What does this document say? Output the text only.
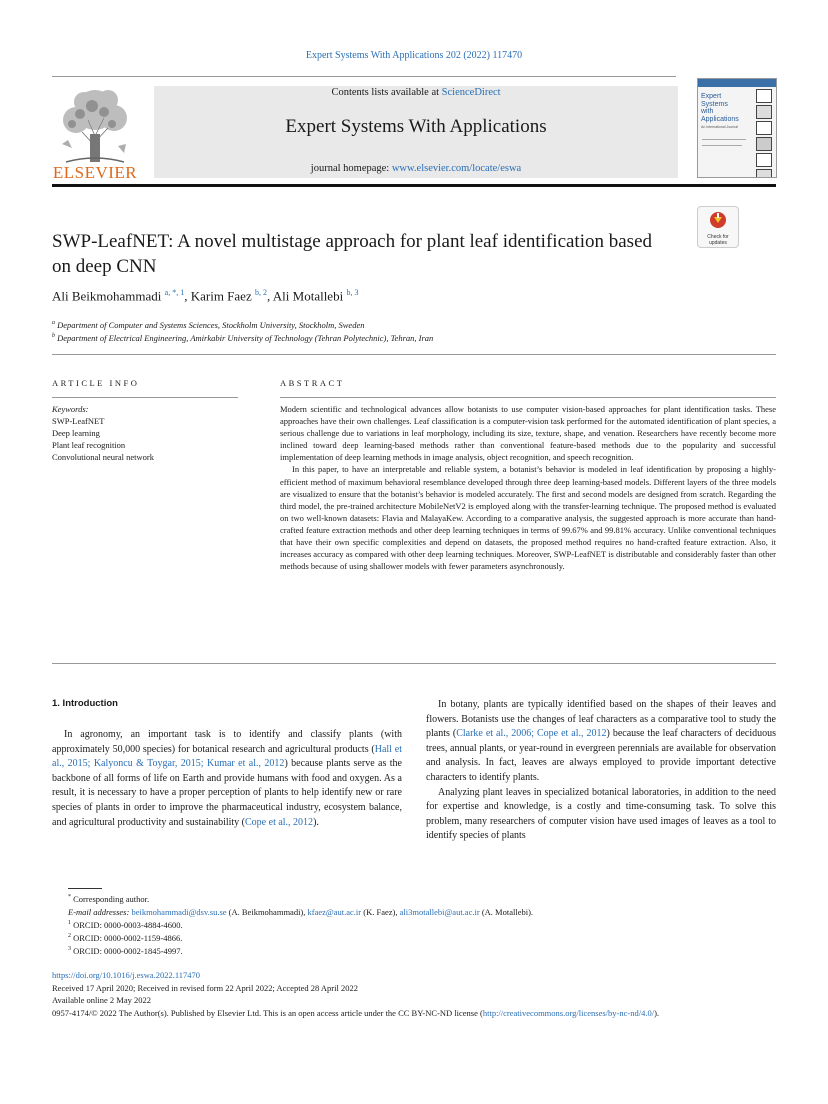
Expert Systems With Applications 202 (2022) 117470
ELSEVIER
Contents lists available at ScienceDirect
Expert Systems With Applications
journal homepage: www.elsevier.com/locate/eswa
Expert
Systems
with
Applications
An International Journal
SWP-LeafNET: A novel multistage approach for plant leaf identification based on deep CNN
Check for
updates
Ali Beikmohammadi $^{a, *, 1}$, Karim Faez $^{b, 2}$, Ali Motallebi $^{b, 3}$
$^a$ Department of Computer and Systems Sciences, Stockholm University, Stockholm, Sweden
$^b$ Department of Electrical Engineering, Amirkabir University of Technology (Tehran Polytechnic), Tehran, Iran
ARTICLE INFO	ABSTRACT
Keywords:
SWP-LeafNET
Deep learning
Plant leaf recognition
Convolutional neural network

Modern scientific and technological advances allow botanists to use computer vision-based approaches for plant identification tasks. These approaches have their own challenges. Leaf classification is a computer-vision task performed for the automated identification of plant species, a serious challenge due to variations in leaf morphology, including its size, texture, shape, and venation. Researchers have recently become more inclined toward deep learning-based methods rather than conventional feature-based methods due to the popularity and successful implementation of deep learning methods in image analysis, object recognition, and speech recognition.

In this paper, to have an interpretable and reliable system, a botanist’s behavior is modeled in leaf identification by proposing a highly-efficient method of maximum behavioral resemblance developed through three deep learning-based models. Different layers of the three models are visualized to ensure that the botanist’s behavior is modeled accurately. The first and second models are designed from scratch. Regarding the third model, the pre-trained architecture MobileNetV2 is employed along with the transfer-learning technique. The proposed method is evaluated on two well-known datasets: Flavia and MalayaKew. According to a comparative analysis, the suggested approach is more accurate than hand-crafted feature extraction methods and other deep learning techniques in terms of 99.67% and 99.81% accuracy. Unlike conventional techniques that have their own specific complexities and depend on datasets, the proposed method requires no hand-crafted feature extraction. Also, it increases accuracy as compared with other deep learning techniques. Moreover, SWP-LeafNET is distributable and considerably faster than other methods because of using shallower models with fewer parameters asynchronously.

1. Introduction

In agronomy, an important task is to identify and classify plants (with approximately 50,000 species) for botanical research and agricultural products (Hall et al., 2015; Kalyoncu & Toygar, 2015; Kumar et al., 2012) because plants serve as the backbone of all forms of life on Earth and provide humans with food and oxygen. As a result, it is necessary to have a proper perception of plants to help identify new or rare species of plants in order to improve the pharmaceutical industry, ecosystem balance, and agricultural productivity and sustainability (Cope et al., 2012).

In botany, plants are typically identified based on the shapes of their leaves and flowers. Botanists use the changes of leaf characters as a comparative tool to study the plants (Clarke et al., 2006; Cope et al., 2012) because the leaf characters of deciduous trees, annual plants, or year-round in evergreen perennials are available for observation and analysis. In fact, leaves are always employed to provide important detective characters to identify plants.

Analyzing plant leaves in specialized botanical laboratories, in addition to the need for expertise and knowledge, is a costly and time-consuming task. To solve this problem, many researchers of computer vision have used images of leaves as a tool to identify species of plants

* Corresponding author.
E-mail addresses: beikmohammadi@dsv.su.se (A. Beikmohammadi), kfaez@aut.ac.ir (K. Faez), ali3motallebi@aut.ac.ir (A. Motallebi).
$^1$ ORCID: 0000-0003-4884-4600.
$^2$ ORCID: 0000-0002-1159-4866.
$^3$ ORCID: 0000-0002-1845-4997.
https://doi.org/10.1016/j.eswa.2022.117470
Received 17 April 2020; Received in revised form 22 April 2022; Accepted 28 April 2022
Available online 2 May 2022
0957-4174/© 2022 The Author(s). Published by Elsevier Ltd. This is an open access article under the CC BY-NC-ND license (http://creativecommons.org/licenses/by-nc-nd/4.0/).
